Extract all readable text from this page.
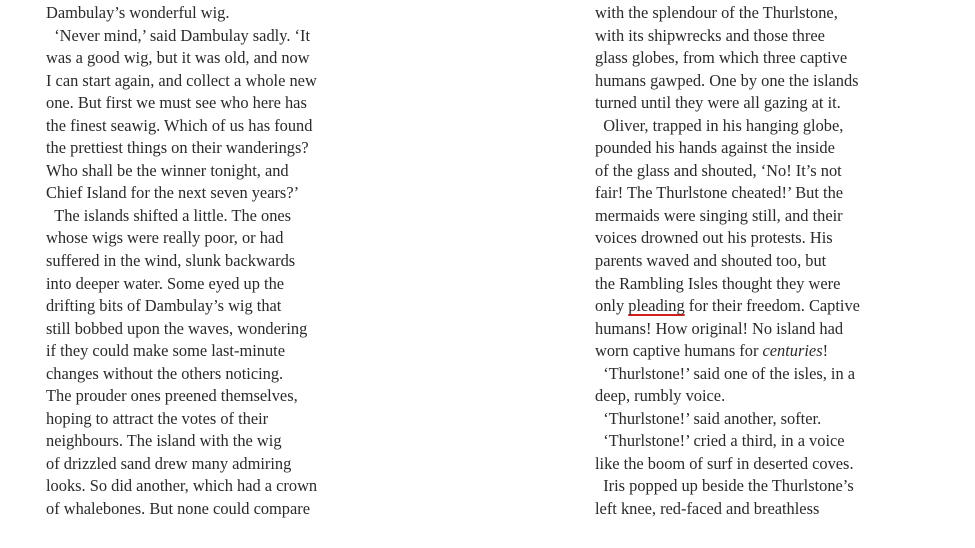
Dambulay’s wonderful wig.
‘Never mind,’ said Dambulay sadly. ‘It
was a good wig, but it was old, and now
I can start again, and collect a whole new
one. But first we must see who here has
the finest seawig. Which of us has found
the prettiest things on their wanderings?
Who shall be the winner tonight, and
Chief Island for the next seven years?’
The islands shifted a little. The ones
whose wigs were really poor, or had
suffered in the wind, slunk backwards
into deeper water. Some eyed up the
drifting bits of Dambulay’s wig that
still bobbed upon the waves, wondering
if they could make some last-minute
changes without the others noticing.
The prouder ones preened themselves,
hoping to attract the votes of their
neighbours. The island with the wig
of drizzled sand drew many admiring
looks. So did another, which had a crown
of whalebones. But none could compare
with the splendour of the Thurlstone,
with its shipwrecks and those three
glass globes, from which three captive
humans gawped. One by one the islands
turned until they were all gazing at it.
Oliver, trapped in his hanging globe,
pounded his hands against the inside
of the glass and shouted, ‘No! It’s not
fair! The Thurlstone cheated!’ But the
mermaids were singing still, and their
voices drowned out his protests. His
parents waved and shouted too, but
the Rambling Isles thought they were
only pleading for their freedom. Captive
humans! How original! No island had
worn captive humans for centuries!
‘Thurlstone!’ said one of the isles, in a
deep, rumbly voice.
‘Thurlstone!’ said another, softer.
‘Thurlstone!’ cried a third, in a voice
like the boom of surf in deserted coves.
Iris popped up beside the Thurlstone’s
left knee, red-faced and breathless
